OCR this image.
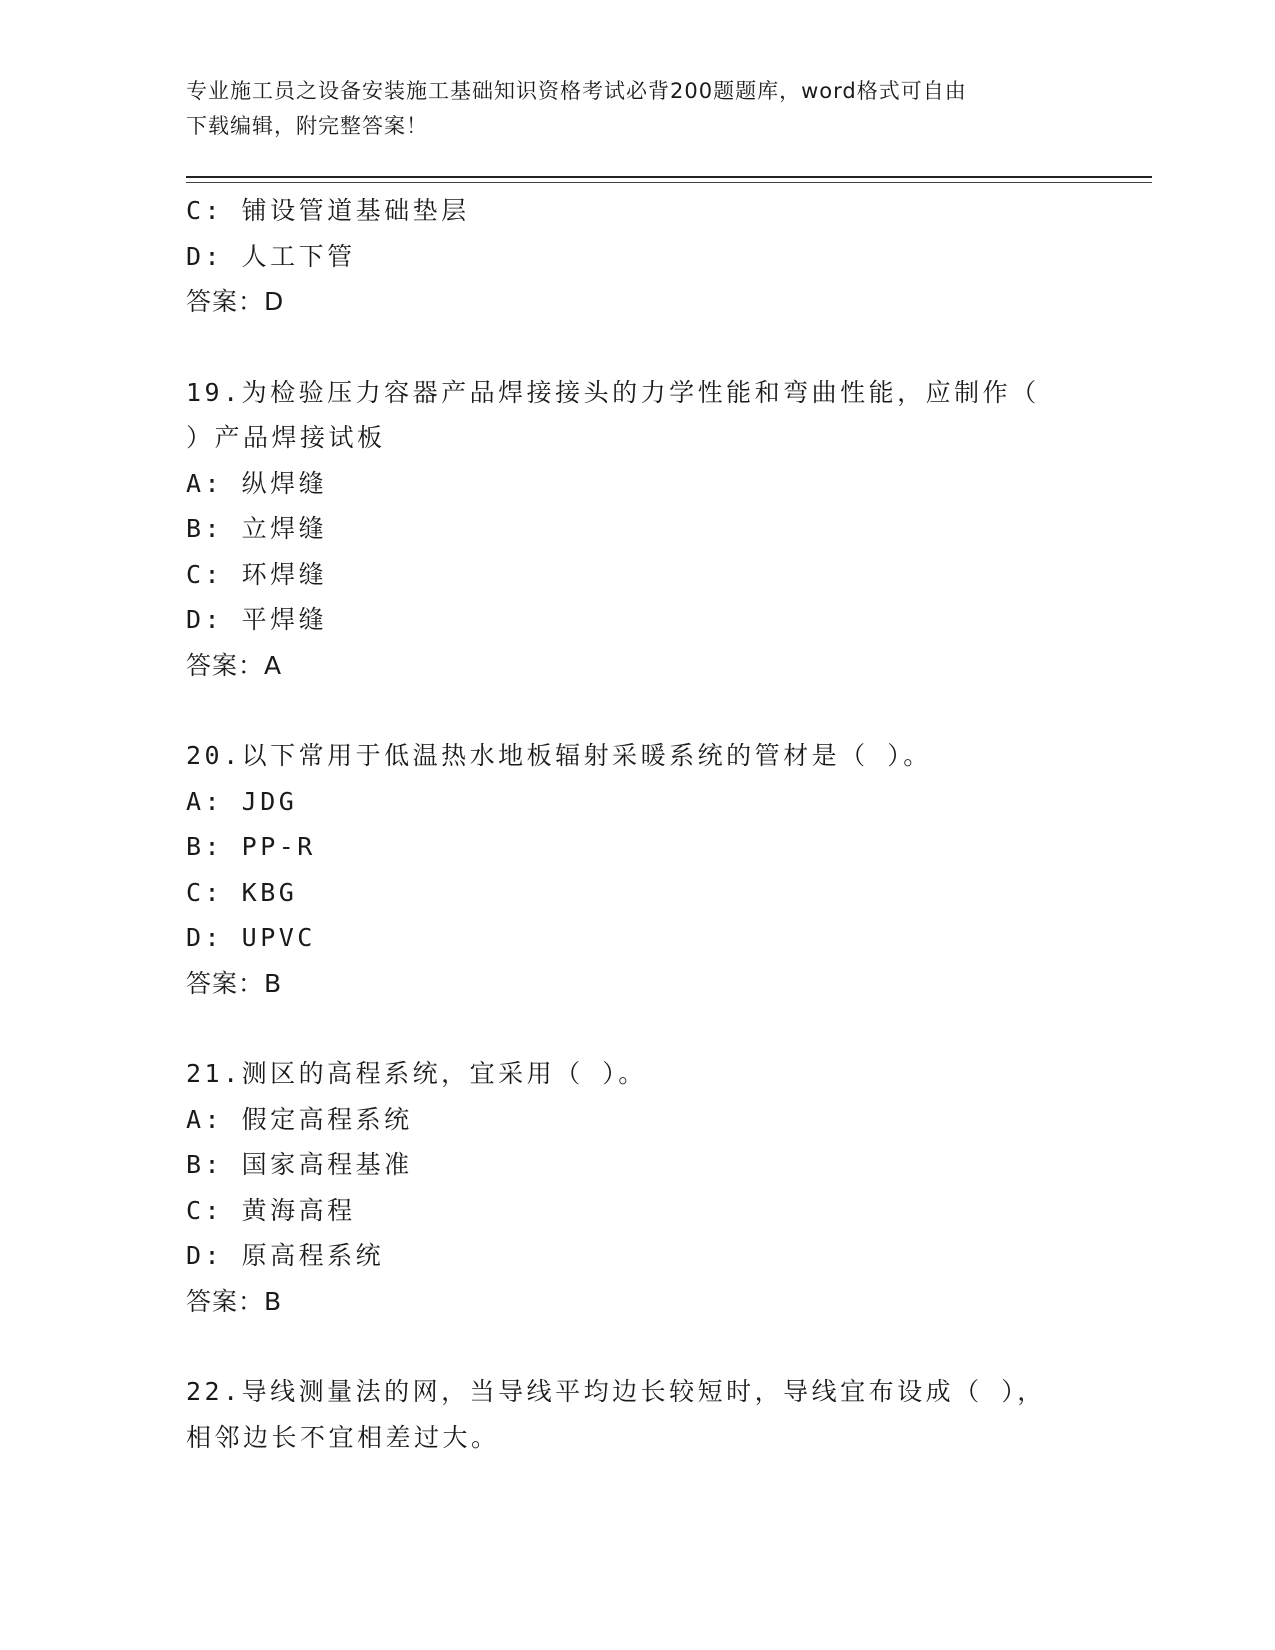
专业施工员之设备安装施工基础知识资格考试必背200题题库，word格式可自由
下载编辑，附完整答案！
C: 铺设管道基础垫层
D: 人工下管
答案：D
19.为检验压力容器产品焊接接头的力学性能和弯曲性能，应制作（
）产品焊接试板
A: 纵焊缝
B: 立焊缝
C: 环焊缝
D: 平焊缝
答案：A
20.以下常用于低温热水地板辐射采暖系统的管材是（ ）。
A: JDG
B: PP-R
C: KBG
D: UPVC
答案：B
21.测区的高程系统，宜采用（ ）。
A: 假定高程系统
B: 国家高程基准
C: 黄海高程
D: 原高程系统
答案：B
22.导线测量法的网，当导线平均边长较短时，导线宜布设成（ ），
相邻边长不宜相差过大。
